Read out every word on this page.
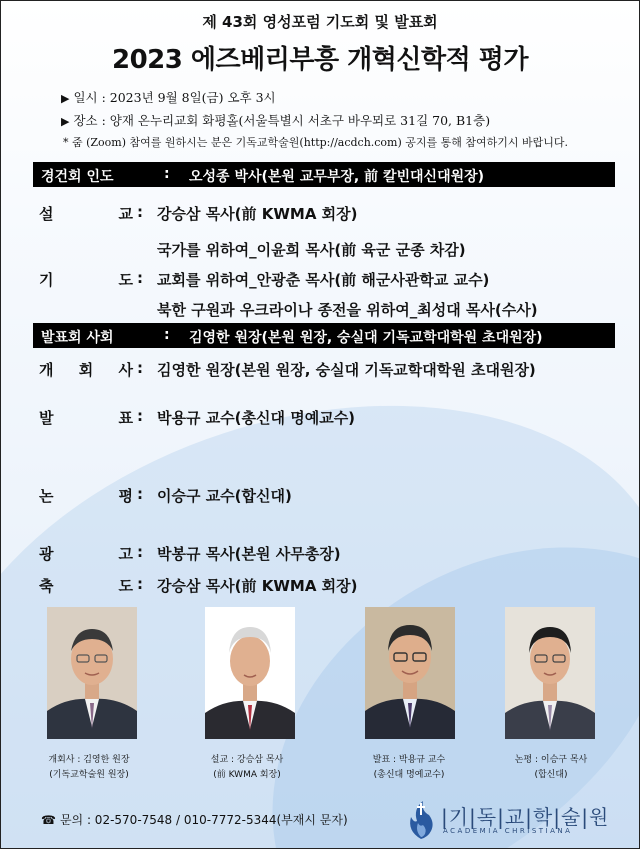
제 43회 영성포럼 기도회 및 발표회
2023 에즈베리부흥 개혁신학적 평가
▶ 일시 : 2023년 9월 8일(금) 오후 3시
▶ 장소 : 양재 온누리교회 화평홀(서울특별시 서초구 바우뫼로 31길 70, B1층)
* 줌 (Zoom) 참여를 원하시는 분은 기독교학술원(http://acdch.com) 공지를 통해 참여하기시 바랍니다.
경건회 인도	: 오성종 박사(본원 교무부장, 前 칼빈대신대원장)
설	교 : 강승삼 목사(前 KWMA 회장)
국가를 위하여_이윤희 목사(前 육군 군종 차감)
기	도 : 교회를 위하여_안광춘 목사(前 해군사관학교 교수)
북한 구원과 우크라이나 종전을 위하여_최성대 목사(수사)
발표회 사회	: 김영한 원장(본원 원장, 숭실대 기독교학대학원 초대원장)
개 회 사 : 김영한 원장(본원 원장, 숭실대 기독교학대학원 초대원장)
발	표 : 박용규 교수(총신대 명예교수)
논	평 : 이승구 교수(합신대)
광	고 : 박봉규 목사(본원 사무총장)
축	도 : 강승삼 목사(前 KWMA 회장)
개회사 : 김영한 원장
(기독교학술원 원장)
설교 : 강승삼 목사
(前 KWMA 회장)
발표 : 박용규 교수
(총신대 명예교수)
논평 : 이승구 목사
(합신대)
☎ 문의 : 02-570-7548 / 010-7772-5344(부재시 문자)	|기|독|교|학|술|원
ACADEMIA CHRISTIANA
